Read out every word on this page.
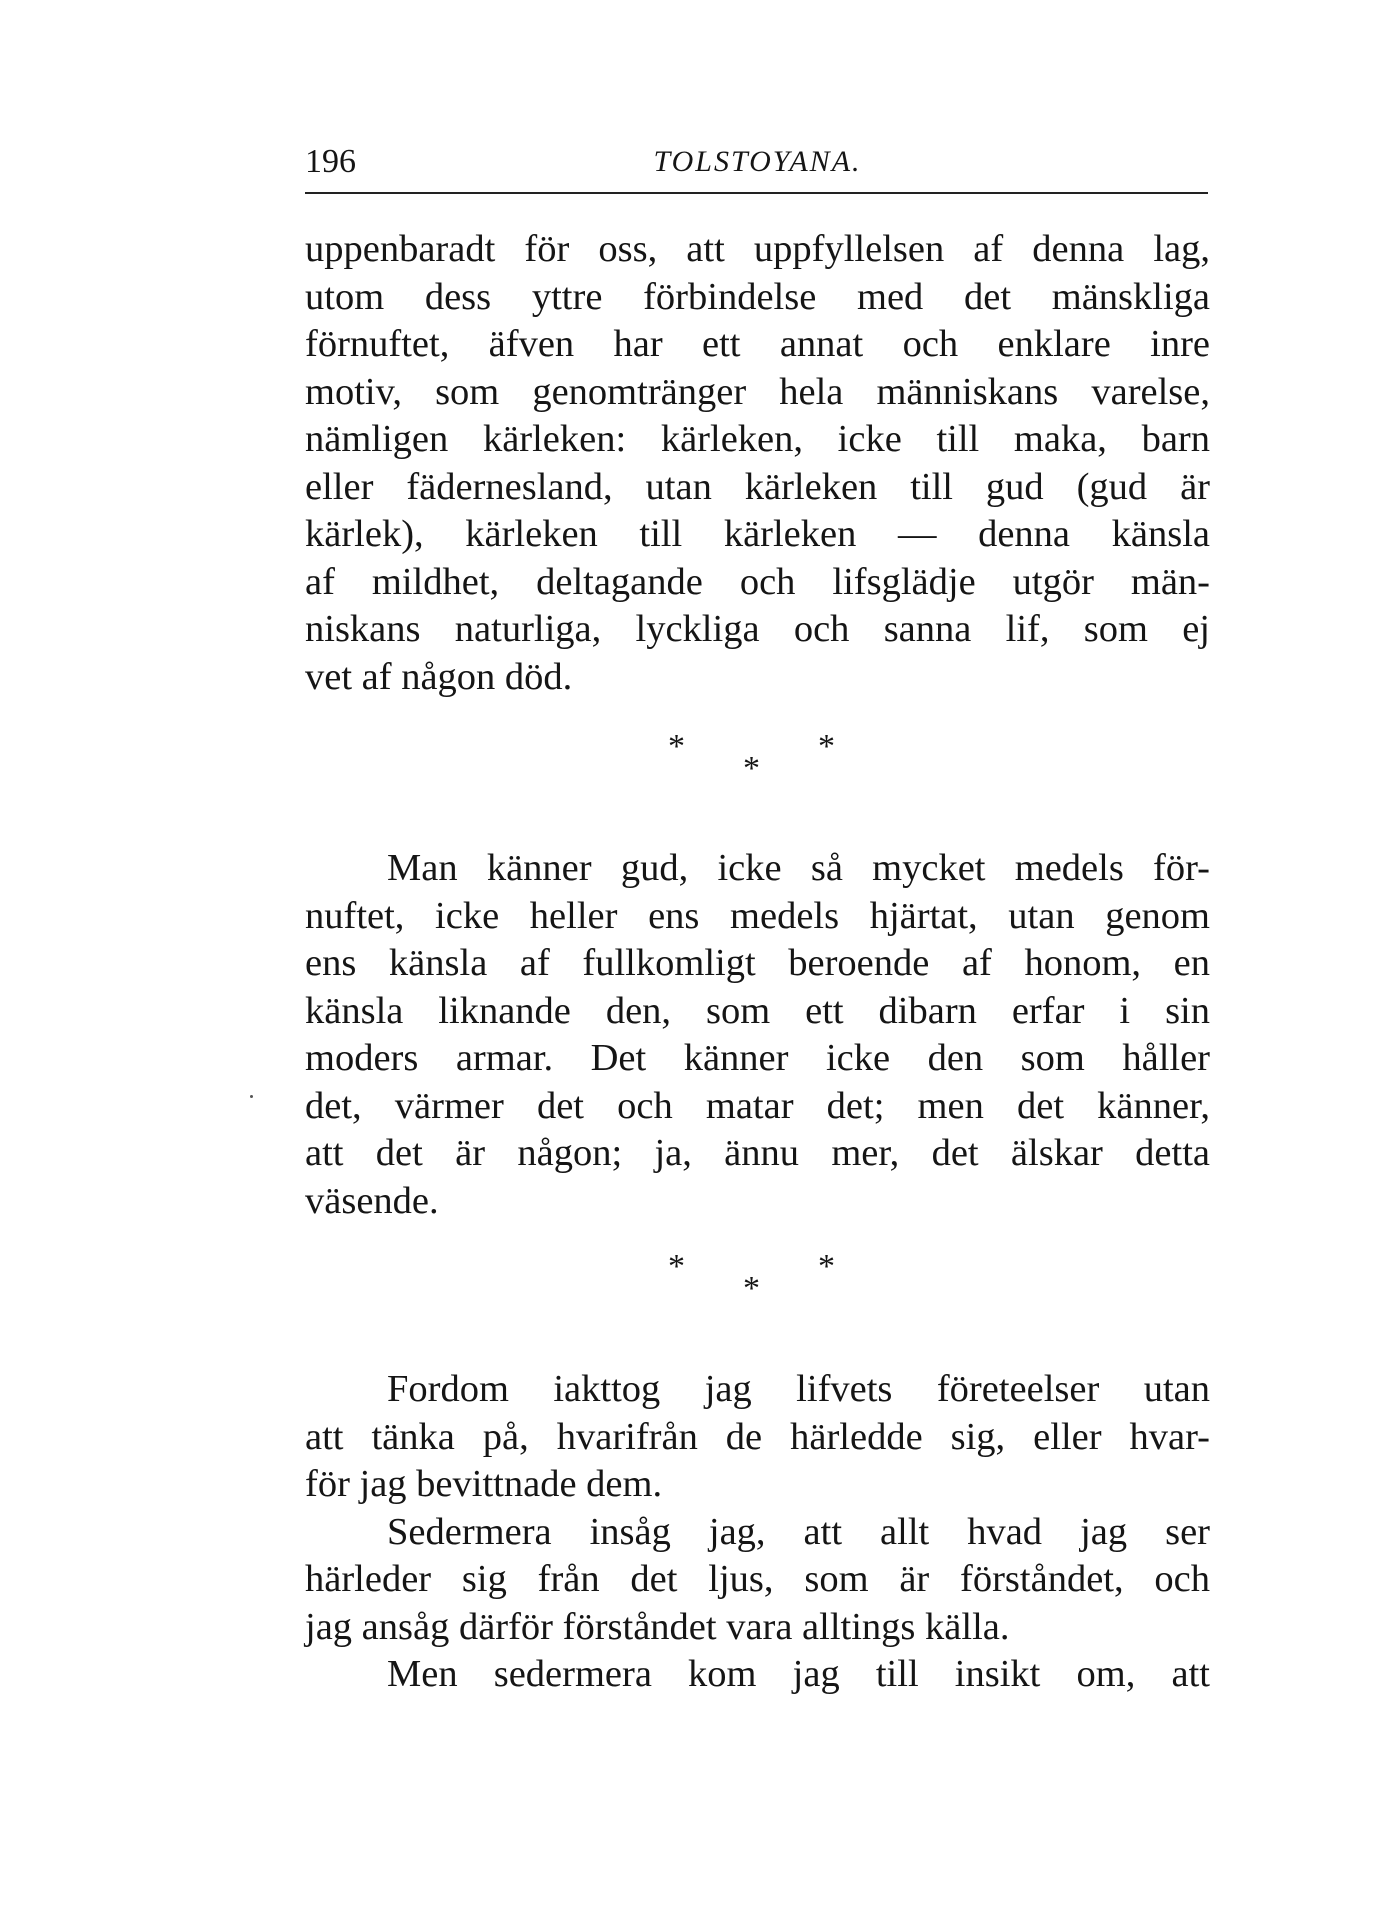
196	TOLSTOYANA.
uppenbaradt för oss, att uppfyllelsen af denna lag,
utom dess yttre förbindelse med det mänskliga
förnuftet, äfven har ett annat och enklare inre
motiv, som genomtränger hela människans varelse,
nämligen kärleken: kärleken, icke till maka, barn
eller fädernesland, utan kärleken till gud (gud är
kärlek), kärleken till kärleken — denna känsla
af mildhet, deltagande och lifsglädje utgör män-
niskans naturliga, lyckliga och sanna lif, som ej
vet af någon död.
*
*
*
Man känner gud, icke så mycket medels för-
nuftet, icke heller ens medels hjärtat, utan genom
ens känsla af fullkomligt beroende af honom, en
känsla liknande den, som ett dibarn erfar i sin
moders armar. Det känner icke den som håller
det, värmer det och matar det; men det känner,
att det är någon; ja, ännu mer, det älskar detta
väsende.
*
*
*
Fordom iakttog jag lifvets företeelser utan
att tänka på, hvarifrån de härledde sig, eller hvar-
för jag bevittnade dem.
Sedermera insåg jag, att allt hvad jag ser
härleder sig från det ljus, som är förståndet, och
jag ansåg därför förståndet vara alltings källa.
Men sedermera kom jag till insikt om, att
